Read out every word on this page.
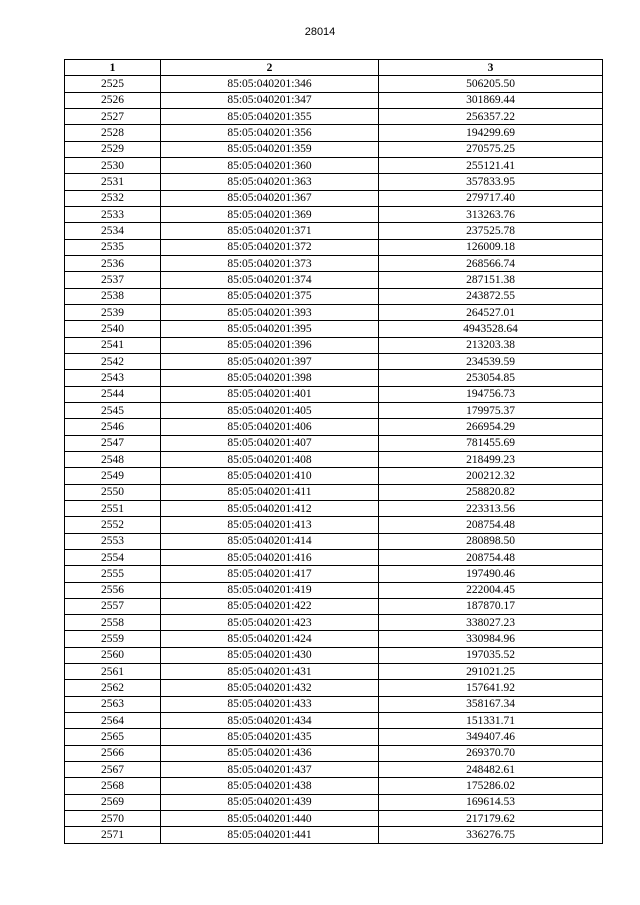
28014
1	2	3
2525	85:05:040201:346	506205.50
2526	85:05:040201:347	301869.44
2527	85:05:040201:355	256357.22
2528	85:05:040201:356	194299.69
2529	85:05:040201:359	270575.25
2530	85:05:040201:360	255121.41
2531	85:05:040201:363	357833.95
2532	85:05:040201:367	279717.40
2533	85:05:040201:369	313263.76
2534	85:05:040201:371	237525.78
2535	85:05:040201:372	126009.18
2536	85:05:040201:373	268566.74
2537	85:05:040201:374	287151.38
2538	85:05:040201:375	243872.55
2539	85:05:040201:393	264527.01
2540	85:05:040201:395	4943528.64
2541	85:05:040201:396	213203.38
2542	85:05:040201:397	234539.59
2543	85:05:040201:398	253054.85
2544	85:05:040201:401	194756.73
2545	85:05:040201:405	179975.37
2546	85:05:040201:406	266954.29
2547	85:05:040201:407	781455.69
2548	85:05:040201:408	218499.23
2549	85:05:040201:410	200212.32
2550	85:05:040201:411	258820.82
2551	85:05:040201:412	223313.56
2552	85:05:040201:413	208754.48
2553	85:05:040201:414	280898.50
2554	85:05:040201:416	208754.48
2555	85:05:040201:417	197490.46
2556	85:05:040201:419	222004.45
2557	85:05:040201:422	187870.17
2558	85:05:040201:423	338027.23
2559	85:05:040201:424	330984.96
2560	85:05:040201:430	197035.52
2561	85:05:040201:431	291021.25
2562	85:05:040201:432	157641.92
2563	85:05:040201:433	358167.34
2564	85:05:040201:434	151331.71
2565	85:05:040201:435	349407.46
2566	85:05:040201:436	269370.70
2567	85:05:040201:437	248482.61
2568	85:05:040201:438	175286.02
2569	85:05:040201:439	169614.53
2570	85:05:040201:440	217179.62
2571	85:05:040201:441	336276.75
